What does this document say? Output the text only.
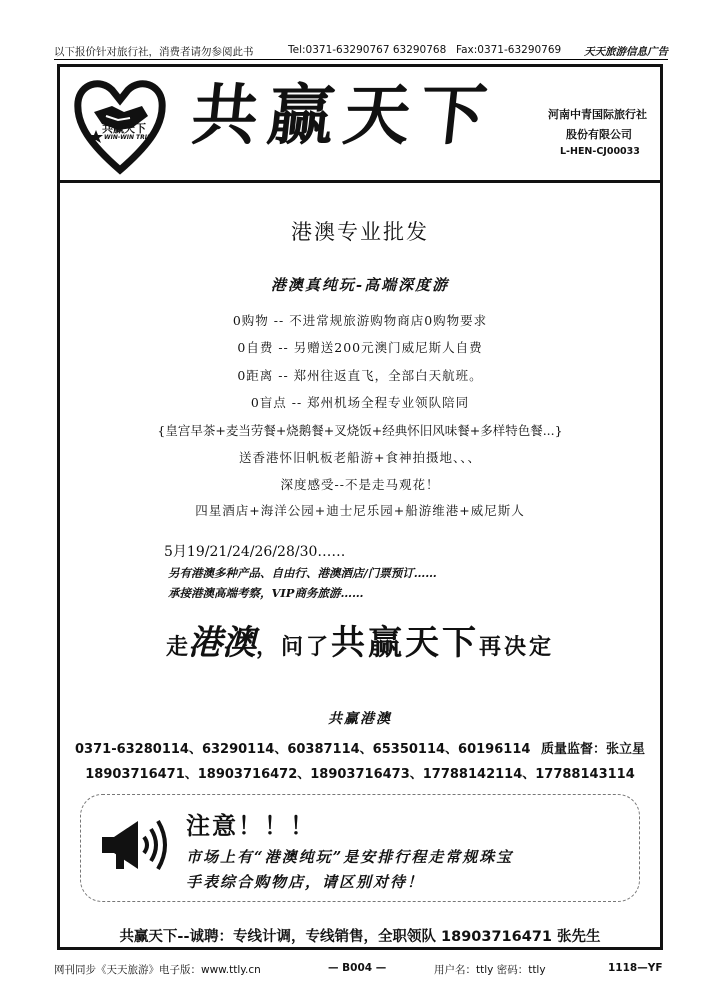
以下报价针对旅行社，消费者请勿参阅此书	Tel:0371-63290767 63290768 Fax:0371-63290769 天天旅游信息广告
共赢天下
WIN-WIN TRIP 共赢天下	河南中青国际旅行社
股份有限公司
L-HEN-CJ00033
港澳专业批发
港澳真纯玩-高端深度游
0购物 -- 不进常规旅游购物商店0购物要求
0自费 -- 另赠送200元澳门威尼斯人自费
0距离 -- 郑州往返直飞，全部白天航班。
0盲点 -- 郑州机场全程专业领队陪同
{皇宫早茶+麦当劳餐+烧鹅餐+叉烧饭+经典怀旧风味餐+多样特色餐...}
送香港怀旧帆板老船游+食神拍摄地、、、
深度感受--不是走马观花！
四星酒店+海洋公园+迪士尼乐园+船游维港+威尼斯人
5月19/21/24/26/28/30……
另有港澳多种产品、自由行、港澳酒店/门票预订……
承接港澳高端考察，VIP商务旅游……
走港澳，问了共赢天下再决定
共赢港澳
0371-63280114、63290114、60387114、65350114、60196114 质量监督：张立星
18903716471、18903716472、18903716473、17788142114、17788143114
注意！！！
市场上有“港澳纯玩”是安排行程走常规珠宝
手表综合购物店，请区别对待！
共赢天下--诚聘：专线计调，专线销售，全职领队 18903716471 张先生
网刊同步《天天旅游》电子版：www.ttly.cn	— B004 —	用户名：ttly 密码：ttly	1118—YF
